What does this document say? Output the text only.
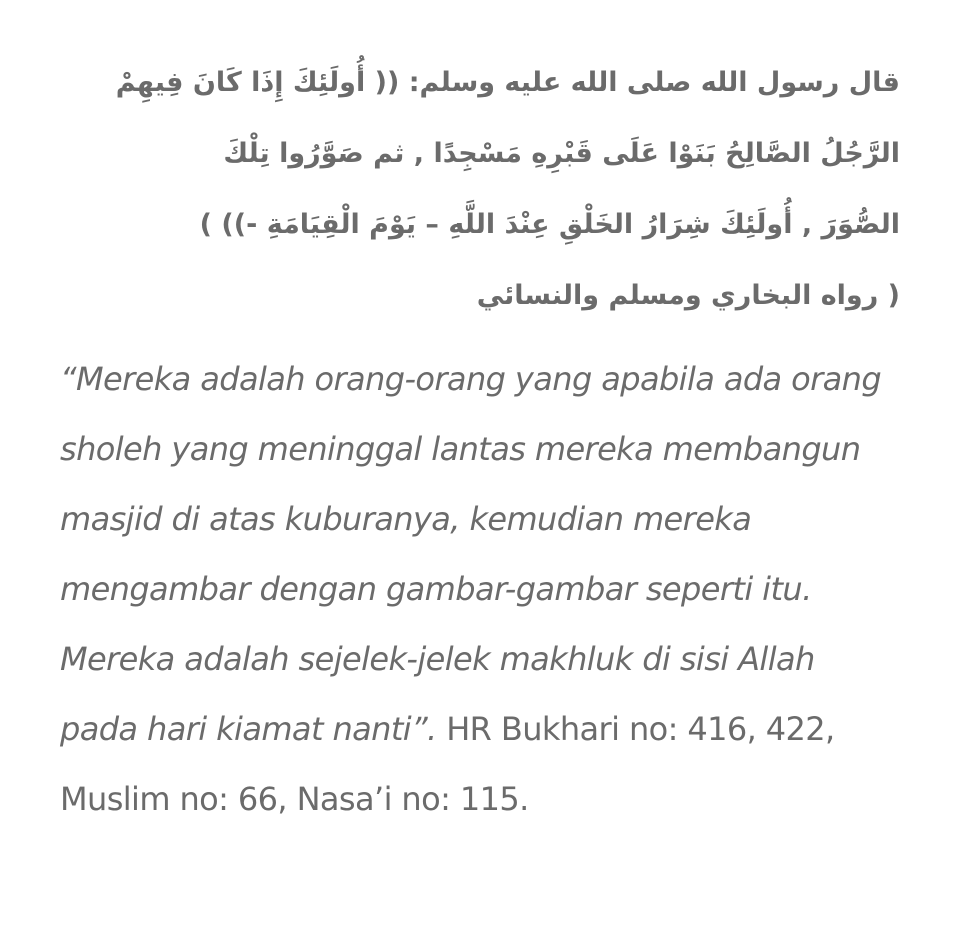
قال رسول الله صلى الله عليه وسلم: (( أُولَئِكَ إِذَا كَانَ فِيهِمْ
الرَّجُلُ الصَّالِحُ بَنَوْا عَلَى قَبْرِهِ مَسْجِدًا , ثم صَوَّرُوا تِلْكَ
الصُّوَرَ , أُولَئِكَ شِرَارُ الخَلْقِ عِنْدَ اللَّهِ – يَوْمَ الْقِيَامَةِ -)) )
( رواه البخاري ومسلم والنسائي

“Mereka adalah orang-orang yang apabila ada orang sholeh yang meninggal lantas mereka membangun masjid di atas kuburanya, kemudian mereka mengambar dengan gambar-gambar seperti itu. Mereka adalah sejelek-jelek makhluk di sisi Allah pada hari kiamat nanti”. HR Bukhari no: 416, 422, Muslim no: 66, Nasa’i no: 115.
